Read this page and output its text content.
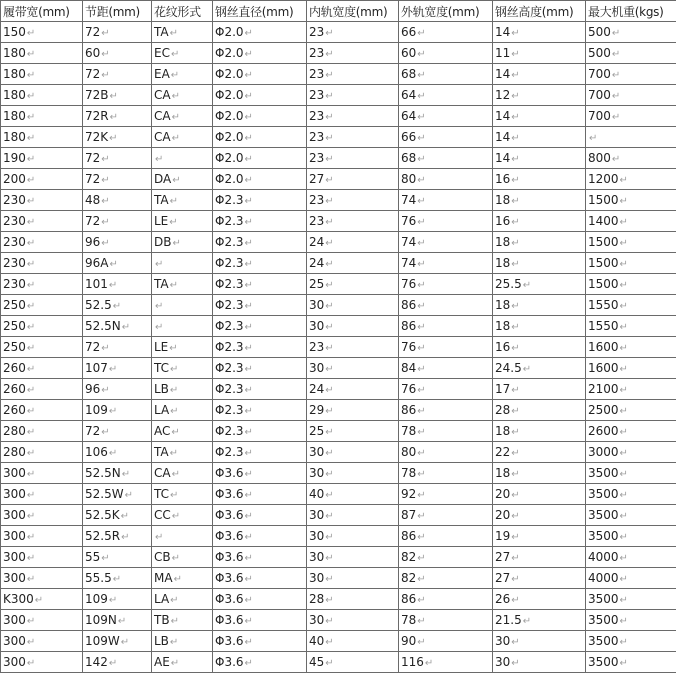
履带宽(mm)	节距(mm)	花纹形式	钢丝直径(mm)	内轨宽度(mm)	外轨宽度(mm)	钢丝高度(mm)	最大机重(kgs)
150↵	72↵	TA↵	Φ2.0↵	23↵	66↵	14↵	500↵
180↵	60↵	EC↵	Φ2.0↵	23↵	60↵	11↵	500↵
180↵	72↵	EA↵	Φ2.0↵	23↵	68↵	14↵	700↵
180↵	72B↵	CA↵	Φ2.0↵	23↵	64↵	12↵	700↵
180↵	72R↵	CA↵	Φ2.0↵	23↵	64↵	14↵	700↵
180↵	72K↵	CA↵	Φ2.0↵	23↵	66↵	14↵	↵
190↵	72↵	↵	Φ2.0↵	23↵	68↵	14↵	800↵
200↵	72↵	DA↵	Φ2.0↵	27↵	80↵	16↵	1200↵
230↵	48↵	TA↵	Φ2.3↵	23↵	74↵	18↵	1500↵
230↵	72↵	LE↵	Φ2.3↵	23↵	76↵	16↵	1400↵
230↵	96↵	DB↵	Φ2.3↵	24↵	74↵	18↵	1500↵
230↵	96A↵	↵	Φ2.3↵	24↵	74↵	18↵	1500↵
230↵	101↵	TA↵	Φ2.3↵	25↵	76↵	25.5↵	1500↵
250↵	52.5↵	↵	Φ2.3↵	30↵	86↵	18↵	1550↵
250↵	52.5N↵	↵	Φ2.3↵	30↵	86↵	18↵	1550↵
250↵	72↵	LE↵	Φ2.3↵	23↵	76↵	16↵	1600↵
260↵	107↵	TC↵	Φ2.3↵	30↵	84↵	24.5↵	1600↵
260↵	96↵	LB↵	Φ2.3↵	24↵	76↵	17↵	2100↵
260↵	109↵	LA↵	Φ2.3↵	29↵	86↵	28↵	2500↵
280↵	72↵	AC↵	Φ2.3↵	25↵	78↵	18↵	2600↵
280↵	106↵	TA↵	Φ2.3↵	30↵	80↵	22↵	3000↵
300↵	52.5N↵	CA↵	Φ3.6↵	30↵	78↵	18↵	3500↵
300↵	52.5W↵	TC↵	Φ3.6↵	40↵	92↵	20↵	3500↵
300↵	52.5K↵	CC↵	Φ3.6↵	30↵	87↵	20↵	3500↵
300↵	52.5R↵	↵	Φ3.6↵	30↵	86↵	19↵	3500↵
300↵	55↵	CB↵	Φ3.6↵	30↵	82↵	27↵	4000↵
300↵	55.5↵	MA↵	Φ3.6↵	30↵	82↵	27↵	4000↵
K300↵	109↵	LA↵	Φ3.6↵	28↵	86↵	26↵	3500↵
300↵	109N↵	TB↵	Φ3.6↵	30↵	78↵	21.5↵	3500↵
300↵	109W↵	LB↵	Φ3.6↵	40↵	90↵	30↵	3500↵
300↵	142↵	AE↵	Φ3.6↵	45↵	116↵	30↵	3500↵
